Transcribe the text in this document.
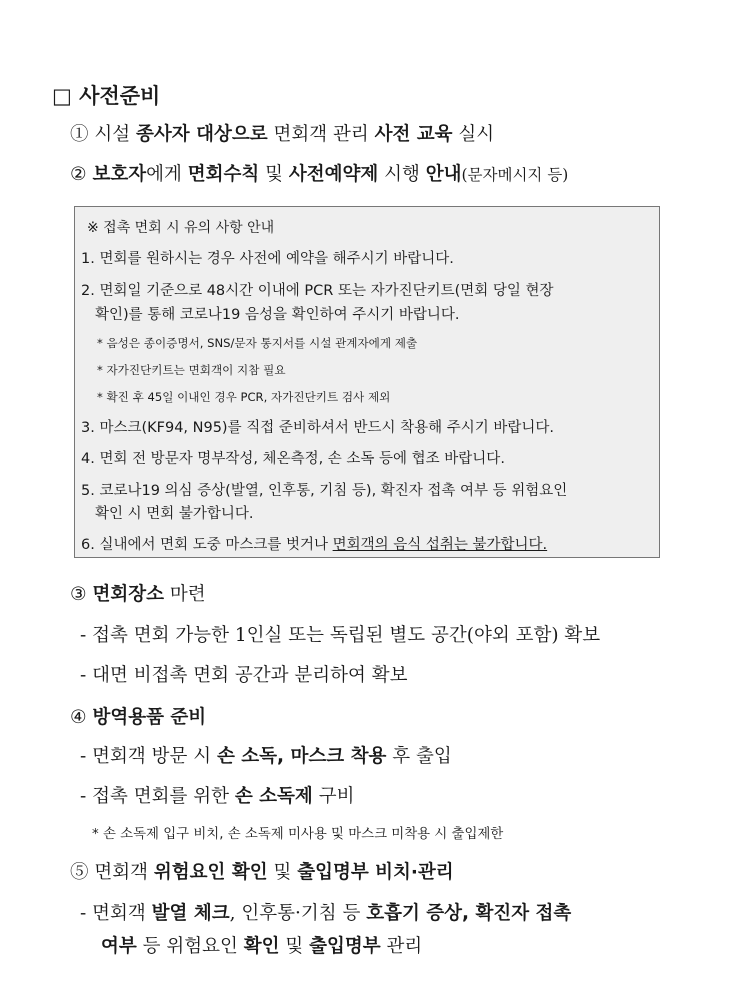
□ 사전준비
① 시설 종사자 대상으로 면회객 관리 사전 교육 실시
② 보호자에게 면회수칙 및 사전예약제 시행 안내(문자메시지 등)
※ 접촉 면회 시 유의 사항 안내
1. 면회를 원하시는 경우 사전에 예약을 해주시기 바랍니다.
2. 면회일 기준으로 48시간 이내에 PCR 또는 자가진단키트(면회 당일 현장
확인)를 통해 코로나19 음성을 확인하여 주시기 바랍니다.
* 음성은 종이증명서, SNS/문자 통지서를 시설 관계자에게 제출
* 자가진단키트는 면회객이 지참 필요
* 확진 후 45일 이내인 경우 PCR, 자가진단키트 검사 제외
3. 마스크(KF94, N95)를 직접 준비하셔서 반드시 착용해 주시기 바랍니다.
4. 면회 전 방문자 명부작성, 체온측정, 손 소독 등에 협조 바랍니다.
5. 코로나19 의심 증상(발열, 인후통, 기침 등), 확진자 접촉 여부 등 위험요인
확인 시 면회 불가합니다.
6. 실내에서 면회 도중 마스크를 벗거나 면회객의 음식 섭취는 불가합니다.
③ 면회장소 마련
- 접촉 면회 가능한 1인실 또는 독립된 별도 공간(야외 포함) 확보
- 대면 비접촉 면회 공간과 분리하여 확보
④ 방역용품 준비
- 면회객 방문 시 손 소독, 마스크 착용 후 출입
- 접촉 면회를 위한 손 소독제 구비
* 손 소독제 입구 비치, 손 소독제 미사용 및 마스크 미착용 시 출입제한
⑤ 면회객 위험요인 확인 및 출입명부 비치·관리
- 면회객 발열 체크, 인후통·기침 등 호흡기 증상, 확진자 접촉
여부 등 위험요인 확인 및 출입명부 관리
